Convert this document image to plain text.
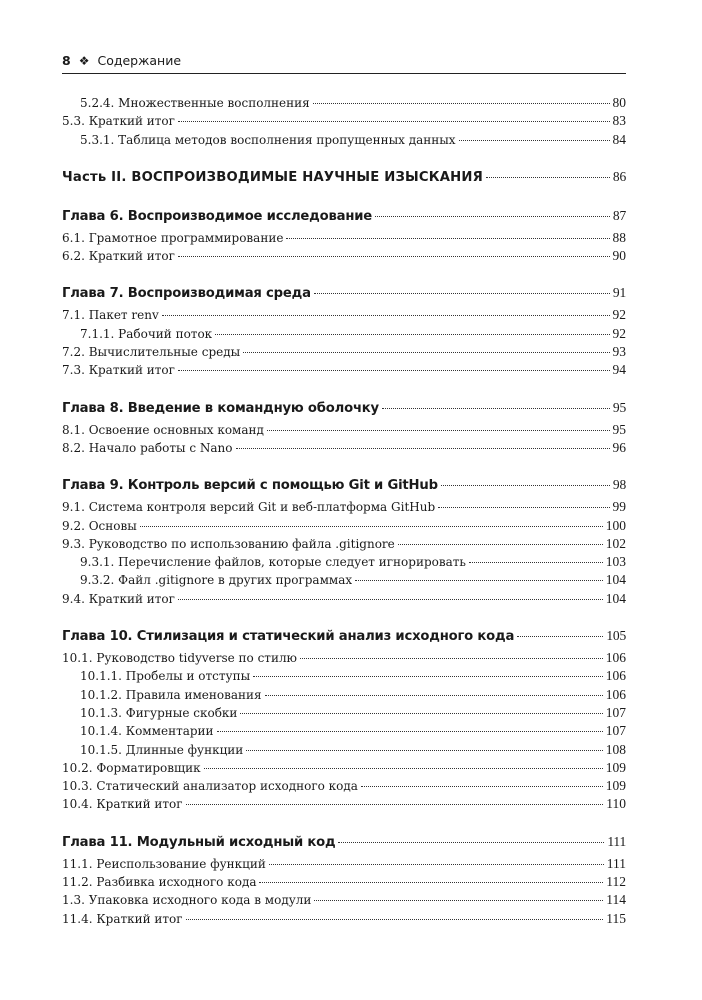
8 ❖ Содержание
5.2.4. Множественные восполнения	80
5.3. Краткий итог	83
5.3.1. Таблица методов восполнения пропущенных данных	84
Часть II. ВОСПРОИЗВОДИМЫЕ НАУЧНЫЕ ИЗЫСКАНИЯ	86
Глава 6. Воспроизводимое исследование	87
6.1. Грамотное программирование	88
6.2. Краткий итог	90
Глава 7. Воспроизводимая среда	91
7.1. Пакет renv	92
7.1.1. Рабочий поток	92
7.2. Вычислительные среды	93
7.3. Краткий итог	94
Глава 8. Введение в командную оболочку	95
8.1. Освоение основных команд	95
8.2. Начало работы с Nano	96
Глава 9. Контроль версий с помощью Git и GitHub	98
9.1. Система контроля версий Git и веб-платформа GitHub	99
9.2. Основы	100
9.3. Руководство по использованию файла .gitignore	102
9.3.1. Перечисление файлов, которые следует игнорировать	103
9.3.2. Файл .gitignore в других программах	104
9.4. Краткий итог	104
Глава 10. Стилизация и статический анализ исходного кода	105
10.1. Руководство tidyverse по стилю	106
10.1.1. Пробелы и отступы	106
10.1.2. Правила именования	106
10.1.3. Фигурные скобки	107
10.1.4. Комментарии	107
10.1.5. Длинные функции	108
10.2. Форматировщик	109
10.3. Статический анализатор исходного кода	109
10.4. Краткий итог	110
Глава 11. Модульный исходный код	111
11.1. Реиспользование функций	111
11.2. Разбивка исходного кода	112
1.3. Упаковка исходного кода в модули	114
11.4. Краткий итог	115
